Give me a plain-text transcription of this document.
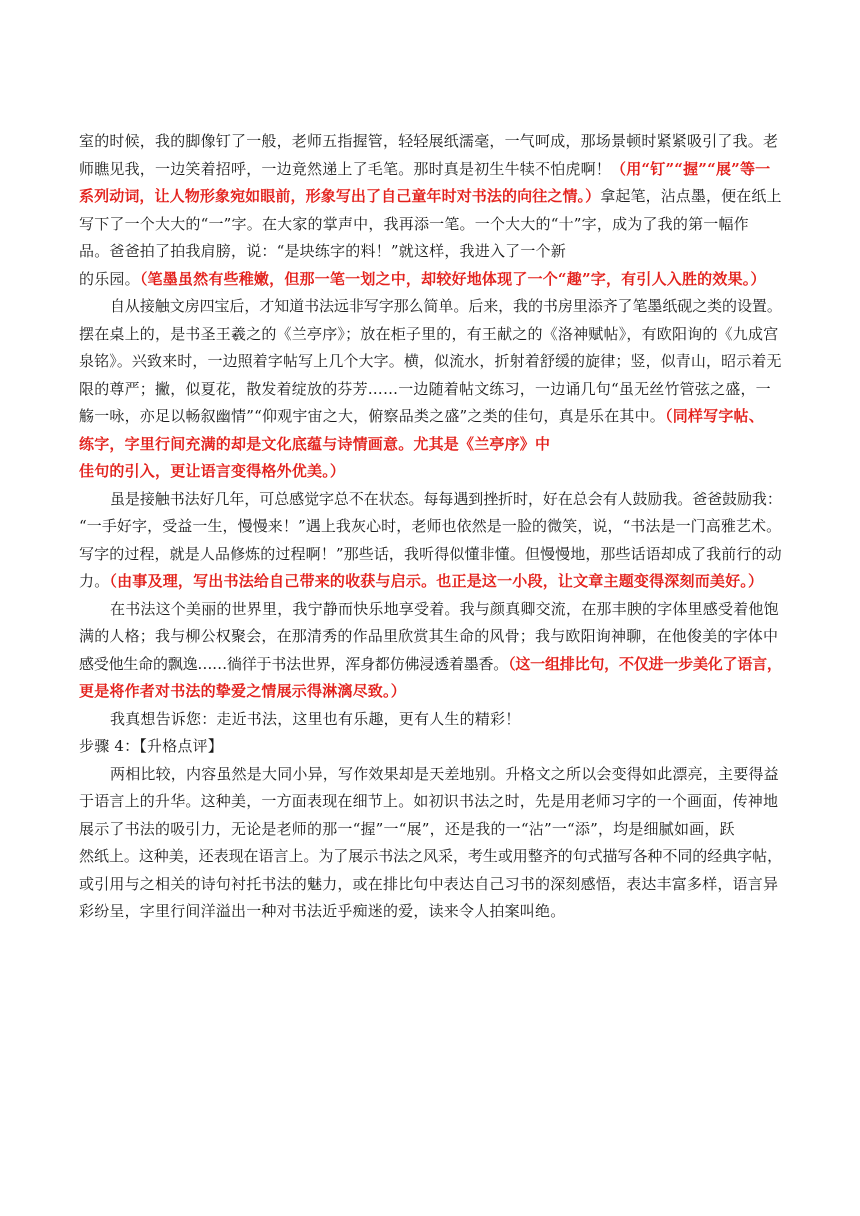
室的时候，我的脚像钉了一般，老师五指握管，轻轻展纸濡毫，一气呵成，那场景顿时紧紧吸引了我。老
师瞧见我，一边笑着招呼，一边竟然递上了毛笔。那时真是初生牛犊不怕虎啊！（用“钉”“握”“展”等一
系列动词，让人物形象宛如眼前，形象写出了自己童年时对书法的向往之情。）拿起笔，沾点墨，便在纸上
写下了一个大大的“一”字。在大家的掌声中，我再添一笔。一个大大的“十”字，成为了我的第一幅作
品。爸爸拍了拍我肩膀，说：“是块练字的料！”就这样，我进入了一个新
的乐园。（笔墨虽然有些稚嫩，但那一笔一划之中，却较好地体现了一个“趣”字，有引人入胜的效果。）
自从接触文房四宝后，才知道书法远非写字那么简单。后来，我的书房里添齐了笔墨纸砚之类的设置。
摆在桌上的，是书圣王羲之的《兰亭序》；放在柜子里的，有王献之的《洛神赋帖》，有欧阳询的《九成宫
泉铭》。兴致来时，一边照着字帖写上几个大字。横，似流水，折射着舒缓的旋律；竖，似青山，昭示着无
限的尊严；撇，似夏花，散发着绽放的芬芳……一边随着帖文练习，一边诵几句“虽无丝竹管弦之盛，一
觞一咏，亦足以畅叙幽情”“仰观宇宙之大，俯察品类之盛”之类的佳句，真是乐在其中。（同样写字帖、
练字，字里行间充满的却是文化底蕴与诗情画意。尤其是《兰亭序》中
佳句的引入，更让语言变得格外优美。）
虽是接触书法好几年，可总感觉字总不在状态。每每遇到挫折时，好在总会有人鼓励我。爸爸鼓励我：
“一手好字，受益一生，慢慢来！”遇上我灰心时，老师也依然是一脸的微笑，说，“书法是一门高雅艺术。
写字的过程，就是人品修炼的过程啊！”那些话，我听得似懂非懂。但慢慢地，那些话语却成了我前行的动
力。（由事及理，写出书法给自己带来的收获与启示。也正是这一小段，让文章主题变得深刻而美好。）
在书法这个美丽的世界里，我宁静而快乐地享受着。我与颜真卿交流，在那丰腴的字体里感受着他饱
满的人格；我与柳公权聚会，在那清秀的作品里欣赏其生命的风骨；我与欧阳询神聊，在他俊美的字体中
感受他生命的飘逸……徜徉于书法世界，浑身都仿佛浸透着墨香。（这一组排比句，不仅进一步美化了语言，
更是将作者对书法的挚爱之情展示得淋漓尽致。）
我真想告诉您：走近书法，这里也有乐趣，更有人生的精彩！
步骤 4：【升格点评】
两相比较，内容虽然是大同小异，写作效果却是天差地别。升格文之所以会变得如此漂亮，主要得益
于语言上的升华。这种美，一方面表现在细节上。如初识书法之时，先是用老师习字的一个画面，传神地
展示了书法的吸引力，无论是老师的那一“握”一“展”，还是我的一“沾”一“添”，均是细腻如画，跃
然纸上。这种美，还表现在语言上。为了展示书法之风采，考生或用整齐的句式描写各种不同的经典字帖，
或引用与之相关的诗句衬托书法的魅力，或在排比句中表达自己习书的深刻感悟，表达丰富多样，语言异
彩纷呈，字里行间洋溢出一种对书法近乎痴迷的爱，读来令人拍案叫绝。
